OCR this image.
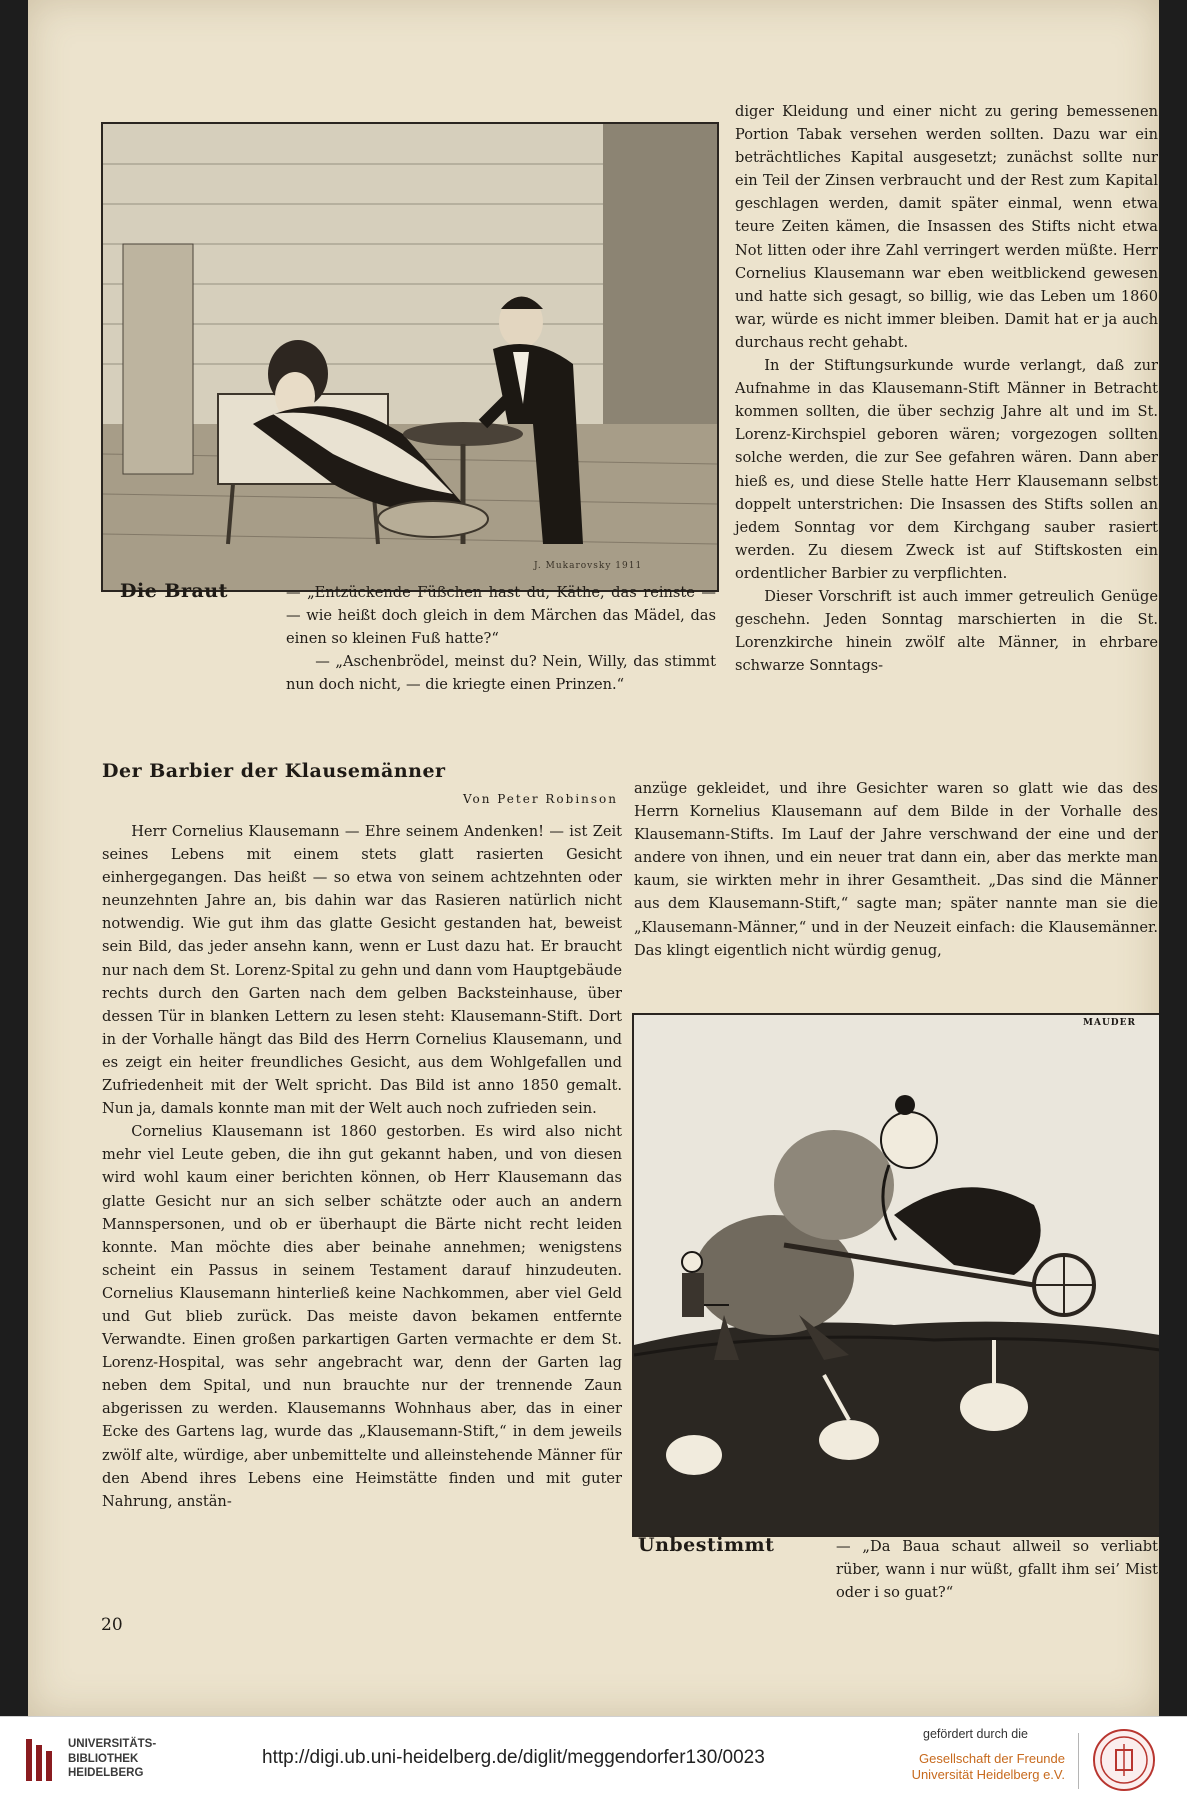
J. Mukarovsky 1911
Die Braut	— „Entzückende Füßchen hast du, Käthe, das reinste — — wie heißt doch gleich in dem Märchen das Mädel, das einen so kleinen Fuß hatte?“

— „Aschenbrödel, meinst du? Nein, Willy, das stimmt nun doch nicht, — die kriegte einen Prinzen.“

diger Kleidung und einer nicht zu gering bemessenen Portion Tabak versehen werden sollten. Dazu war ein beträchtliches Kapital ausgesetzt; zunächst sollte nur ein Teil der Zinsen verbraucht und der Rest zum Kapital geschlagen werden, damit später einmal, wenn etwa teure Zeiten kämen, die Insassen des Stifts nicht etwa Not litten oder ihre Zahl verringert werden müßte. Herr Cornelius Klausemann war eben weitblickend gewesen und hatte sich gesagt, so billig, wie das Leben um 1860 war, würde es nicht immer bleiben. Damit hat er ja auch durchaus recht gehabt.

In der Stiftungsurkunde wurde verlangt, daß zur Aufnahme in das Klausemann-Stift Männer in Betracht kommen sollten, die über sechzig Jahre alt und im St. Lorenz-Kirchspiel geboren wären; vorgezogen sollten solche werden, die zur See gefahren wären. Dann aber hieß es, und diese Stelle hatte Herr Klausemann selbst doppelt unterstrichen: Die Insassen des Stifts sollen an jedem Sonntag vor dem Kirchgang sauber rasiert werden. Zu diesem Zweck ist auf Stiftskosten ein ordentlicher Barbier zu verpflichten.

Dieser Vorschrift ist auch immer getreulich Genüge geschehn. Jeden Sonntag marschierten in die St. Lorenzkirche hinein zwölf alte Männer, in ehrbare schwarze Sonntags-

Der Barbier der Klausemänner
Von Peter Robinson

anzüge gekleidet, und ihre Gesichter waren so glatt wie das des Herrn Kornelius Klausemann auf dem Bilde in der Vorhalle des Klausemann-Stifts. Im Lauf der Jahre verschwand der eine und der andere von ihnen, und ein neuer trat dann ein, aber das merkte man kaum, sie wirkten mehr in ihrer Gesamtheit. „Das sind die Männer aus dem Klausemann-Stift,“ sagte man; später nannte man sie die „Klausemann-Männer,“ und in der Neuzeit einfach: die Klausemänner. Das klingt eigentlich nicht würdig genug,

Herr Cornelius Klausemann — Ehre seinem Andenken! — ist Zeit seines Lebens mit einem stets glatt rasierten Gesicht einhergegangen. Das heißt — so etwa von seinem achtzehnten oder neunzehnten Jahre an, bis dahin war das Rasieren natürlich nicht notwendig. Wie gut ihm das glatte Gesicht gestanden hat, beweist sein Bild, das jeder ansehn kann, wenn er Lust dazu hat. Er braucht nur nach dem St. Lorenz-Spital zu gehn und dann vom Hauptgebäude rechts durch den Garten nach dem gelben Backsteinhause, über dessen Tür in blanken Lettern zu lesen steht: Klausemann-Stift. Dort in der Vorhalle hängt das Bild des Herrn Cornelius Klausemann, und es zeigt ein heiter freundliches Gesicht, aus dem Wohlgefallen und Zufriedenheit mit der Welt spricht. Das Bild ist anno 1850 gemalt. Nun ja, damals konnte man mit der Welt auch noch zufrieden sein.

Cornelius Klausemann ist 1860 gestorben. Es wird also nicht mehr viel Leute geben, die ihn gut gekannt haben, und von diesen wird wohl kaum einer berichten können, ob Herr Klausemann das glatte Gesicht nur an sich selber schätzte oder auch an andern Mannspersonen, und ob er überhaupt die Bärte nicht recht leiden konnte. Man möchte dies aber beinahe annehmen; wenigstens scheint ein Passus in seinem Testament darauf hinzudeuten. Cornelius Klausemann hinterließ keine Nachkommen, aber viel Geld und Gut blieb zurück. Das meiste davon bekamen entfernte Verwandte. Einen großen parkartigen Garten vermachte er dem St. Lorenz-Hospital, was sehr angebracht war, denn der Garten lag neben dem Spital, und nun brauchte nur der trennende Zaun abgerissen zu werden. Klausemanns Wohnhaus aber, das in einer Ecke des Gartens lag, wurde das „Klausemann-Stift,“ in dem jeweils zwölf alte, würdige, aber unbemittelte und alleinstehende Männer für den Abend ihres Lebens eine Heimstätte finden und mit guter Nahrung, anstän-

MAUDER
Unbestimmt	— „Da Baua schaut allweil so verliabt rüber, wann i nur wüßt, gfallt ihm sei’ Mist oder i so guat?“

20
UNIVERSITÄTS-
BIBLIOTHEK
HEIDELBERG
http://digi.ub.uni-heidelberg.de/diglit/meggendorfer130/0023
gefördert durch die
Gesellschaft der Freunde
Universität Heidelberg e.V.
